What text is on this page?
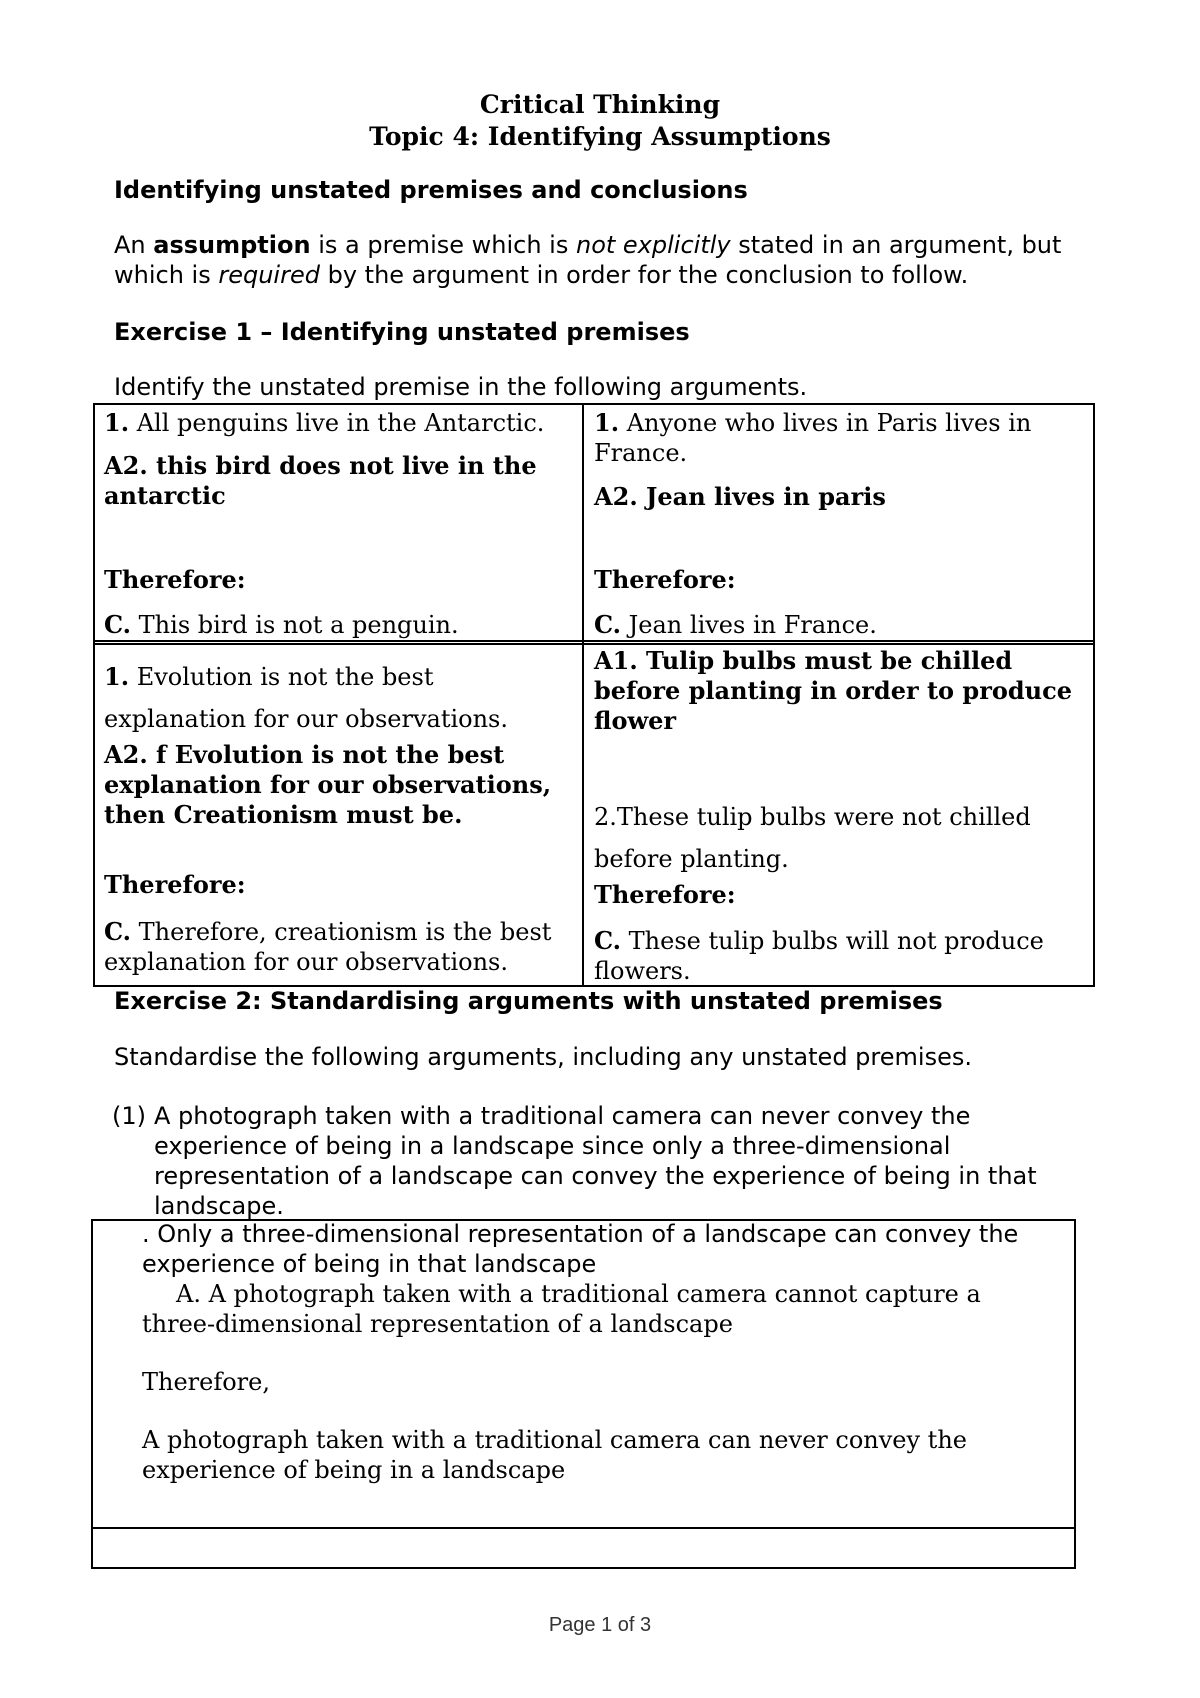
Critical Thinking
Topic 4: Identifying Assumptions
Identifying unstated premises and conclusions
An assumption is a premise which is not explicitly stated in an argument, but
which is required by the argument in order for the conclusion to follow.
Exercise 1 – Identifying unstated premises
Identify the unstated premise in the following arguments.
1. All penguins live in the Antarctic.
A2. this bird does not live in the antarctic
Therefore:
C. This bird is not a penguin.
1. Anyone who lives in Paris lives in France.
A2. Jean lives in paris
Therefore:
C. Jean lives in France.
1. Evolution is not the best
explanation for our observations.
A2. f Evolution is not the best explanation for our observations, then Creationism must be.
Therefore:
C. Therefore, creationism is the best explanation for our observations.
A1. Tulip bulbs must be chilled before planting in order to produce flower
2.These tulip bulbs were not chilled
before planting.
Therefore:
C. These tulip bulbs will not produce flowers.
Exercise 2: Standardising arguments with unstated premises
Standardise the following arguments, including any unstated premises.
(1) A photograph taken with a traditional camera can never convey the experience of being in a landscape since only a three-dimensional representation of a landscape can convey the experience of being in that landscape.
. Only a three-dimensional representation of a landscape can convey the experience of being in that landscape
A. A photograph taken with a traditional camera cannot capture a
three-dimensional representation of a landscape
Therefore,
A photograph taken with a traditional camera can never convey the experience of being in a landscape
Page 1 of 3
